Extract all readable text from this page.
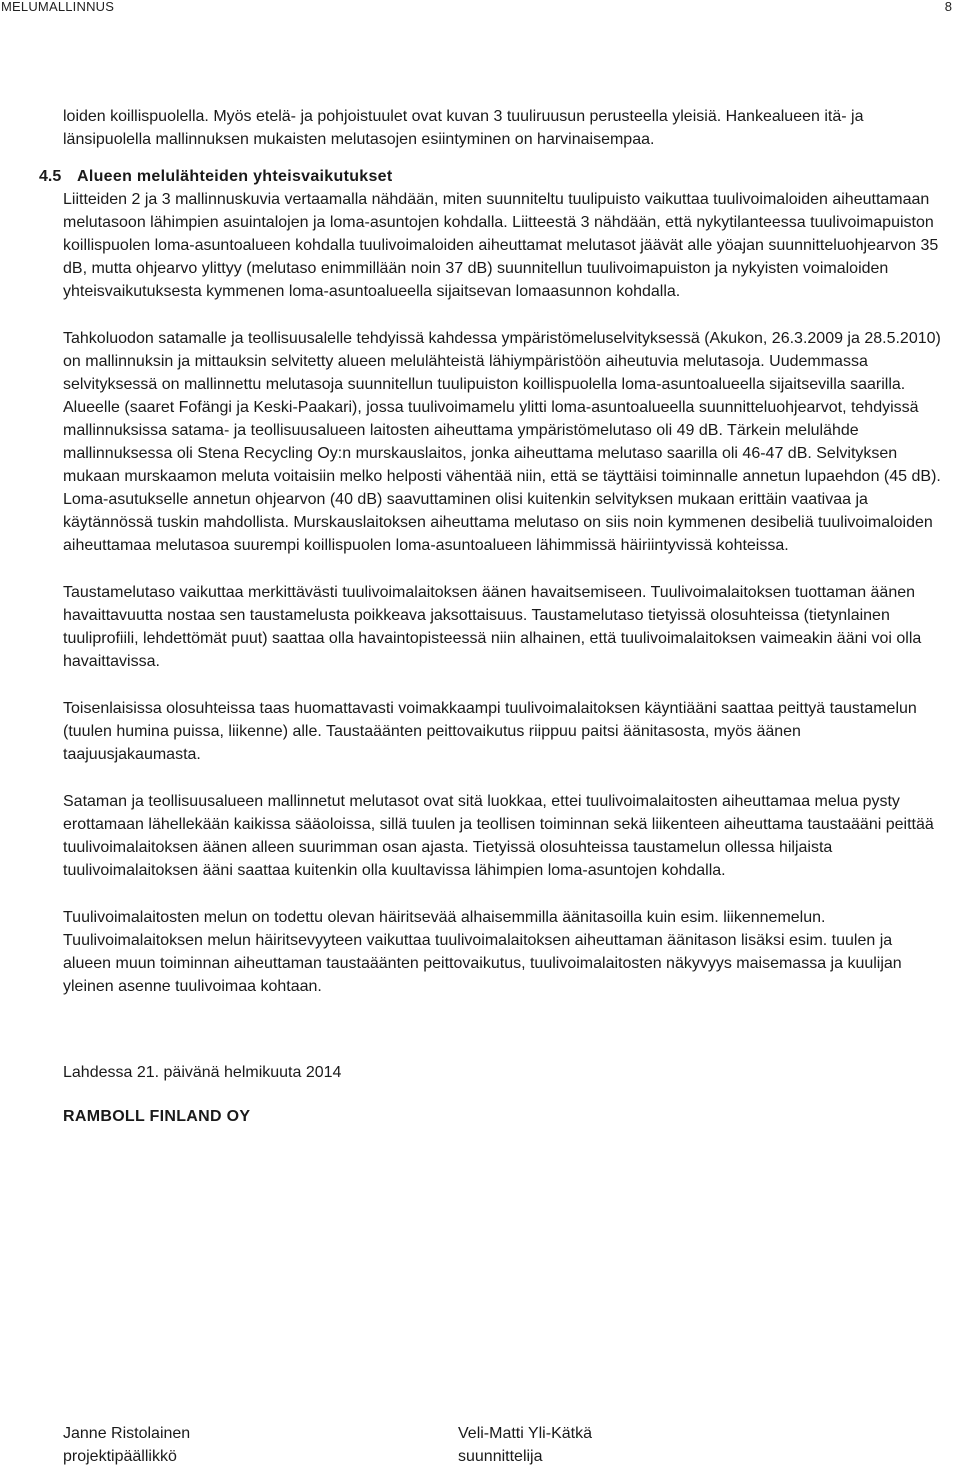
MELUMALLINNUS	8

loiden koillispuolella. Myös etelä- ja pohjoistuulet ovat kuvan 3 tuuliruusun perusteella yleisiä. Hankealueen itä- ja länsipuolella mallinnuksen mukaisten melutasojen esiintyminen on harvinaisempaa.

4.5 Alueen melulähteiden yhteisvaikutukset

Liitteiden 2 ja 3 mallinnuskuvia vertaamalla nähdään, miten suunniteltu tuulipuisto vaikuttaa tuulivoimaloiden aiheuttamaan melutasoon lähimpien asuintalojen ja loma-asuntojen kohdalla. Liitteestä 3 nähdään, että nykytilanteessa tuulivoimapuiston koillispuolen loma-asuntoalueen kohdalla tuulivoimaloiden aiheuttamat melutasot jäävät alle yöajan suunnitteluohjearvon 35 dB, mutta ohjearvo ylittyy (melutaso enimmillään noin 37 dB) suunnitellun tuulivoimapuiston ja nykyisten voimaloiden yhteisvaikutuksesta kymmenen loma-asuntoalueella sijaitsevan lomaasunnon kohdalla.

Tahkoluodon satamalle ja teollisuusalelle tehdyissä kahdessa ympäristömeluselvityksessä (Akukon, 26.3.2009 ja 28.5.2010) on mallinnuksin ja mittauksin selvitetty alueen melulähteistä lähiympäristöön aiheutuvia melutasoja. Uudemmassa selvityksessä on mallinnettu melutasoja suunnitellun tuulipuiston koillispuolella loma-asuntoalueella sijaitsevilla saarilla. Alueelle (saaret Fofängi ja Keski-Paakari), jossa tuulivoimamelu ylitti loma-asuntoalueella suunnitteluohjearvot, tehdyissä mallinnuksissa satama- ja teollisuusalueen laitosten aiheuttama ympäristömelutaso oli 49 dB. Tärkein melulähde mallinnuksessa oli Stena Recycling Oy:n murskauslaitos, jonka aiheuttama melutaso saarilla oli 46-47 dB. Selvityksen mukaan murskaamon meluta voitaisiin melko helposti vähentää niin, että se täyttäisi toiminnalle annetun lupaehdon (45 dB). Loma-asutukselle annetun ohjearvon (40 dB) saavuttaminen olisi kuitenkin selvityksen mukaan erittäin vaativaa ja käytännössä tuskin mahdollista. Murskauslaitoksen aiheuttama melutaso on siis noin kymmenen desibeliä tuulivoimaloiden aiheuttamaa melutasoa suurempi koillispuolen loma-asuntoalueen lähimmissä häiriintyvissä kohteissa.

Taustamelutaso vaikuttaa merkittävästi tuulivoimalaitoksen äänen havaitsemiseen. Tuulivoimalaitoksen tuottaman äänen havaittavuutta nostaa sen taustamelusta poikkeava jaksottaisuus. Taustamelutaso tietyissä olosuhteissa (tietynlainen tuuliprofiili, lehdettömät puut) saattaa olla havaintopisteessä niin alhainen, että tuulivoimalaitoksen vaimeakin ääni voi olla havaittavissa.

Toisenlaisissa olosuhteissa taas huomattavasti voimakkaampi tuulivoimalaitoksen käyntiääni saattaa peittyä taustamelun (tuulen humina puissa, liikenne) alle. Taustaäänten peittovaikutus riippuu paitsi äänitasosta, myös äänen taajuusjakaumasta.

Sataman ja teollisuusalueen mallinnetut melutasot ovat sitä luokkaa, ettei tuulivoimalaitosten aiheuttamaa melua pysty erottamaan lähellekään kaikissa sääoloissa, sillä tuulen ja teollisen toiminnan sekä liikenteen aiheuttama taustaääni peittää tuulivoimalaitoksen äänen alleen suurimman osan ajasta. Tietyissä olosuhteissa taustamelun ollessa hiljaista tuulivoimalaitoksen ääni saattaa kuitenkin olla kuultavissa lähimpien loma-asuntojen kohdalla.

Tuulivoimalaitosten melun on todettu olevan häiritsevää alhaisemmilla äänitasoilla kuin esim. liikennemelun. Tuulivoimalaitoksen melun häiritsevyyteen vaikuttaa tuulivoimalaitoksen aiheuttaman äänitason lisäksi esim. tuulen ja alueen muun toiminnan aiheuttaman taustaäänten peittovaikutus, tuulivoimalaitosten näkyvyys maisemassa ja kuulijan yleinen asenne tuulivoimaa kohtaan.

Lahdessa 21. päivänä helmikuuta 2014

RAMBOLL FINLAND OY

Janne Ristolainen
projektipäällikkö
Veli-Matti Yli-Kätkä
suunnittelija
